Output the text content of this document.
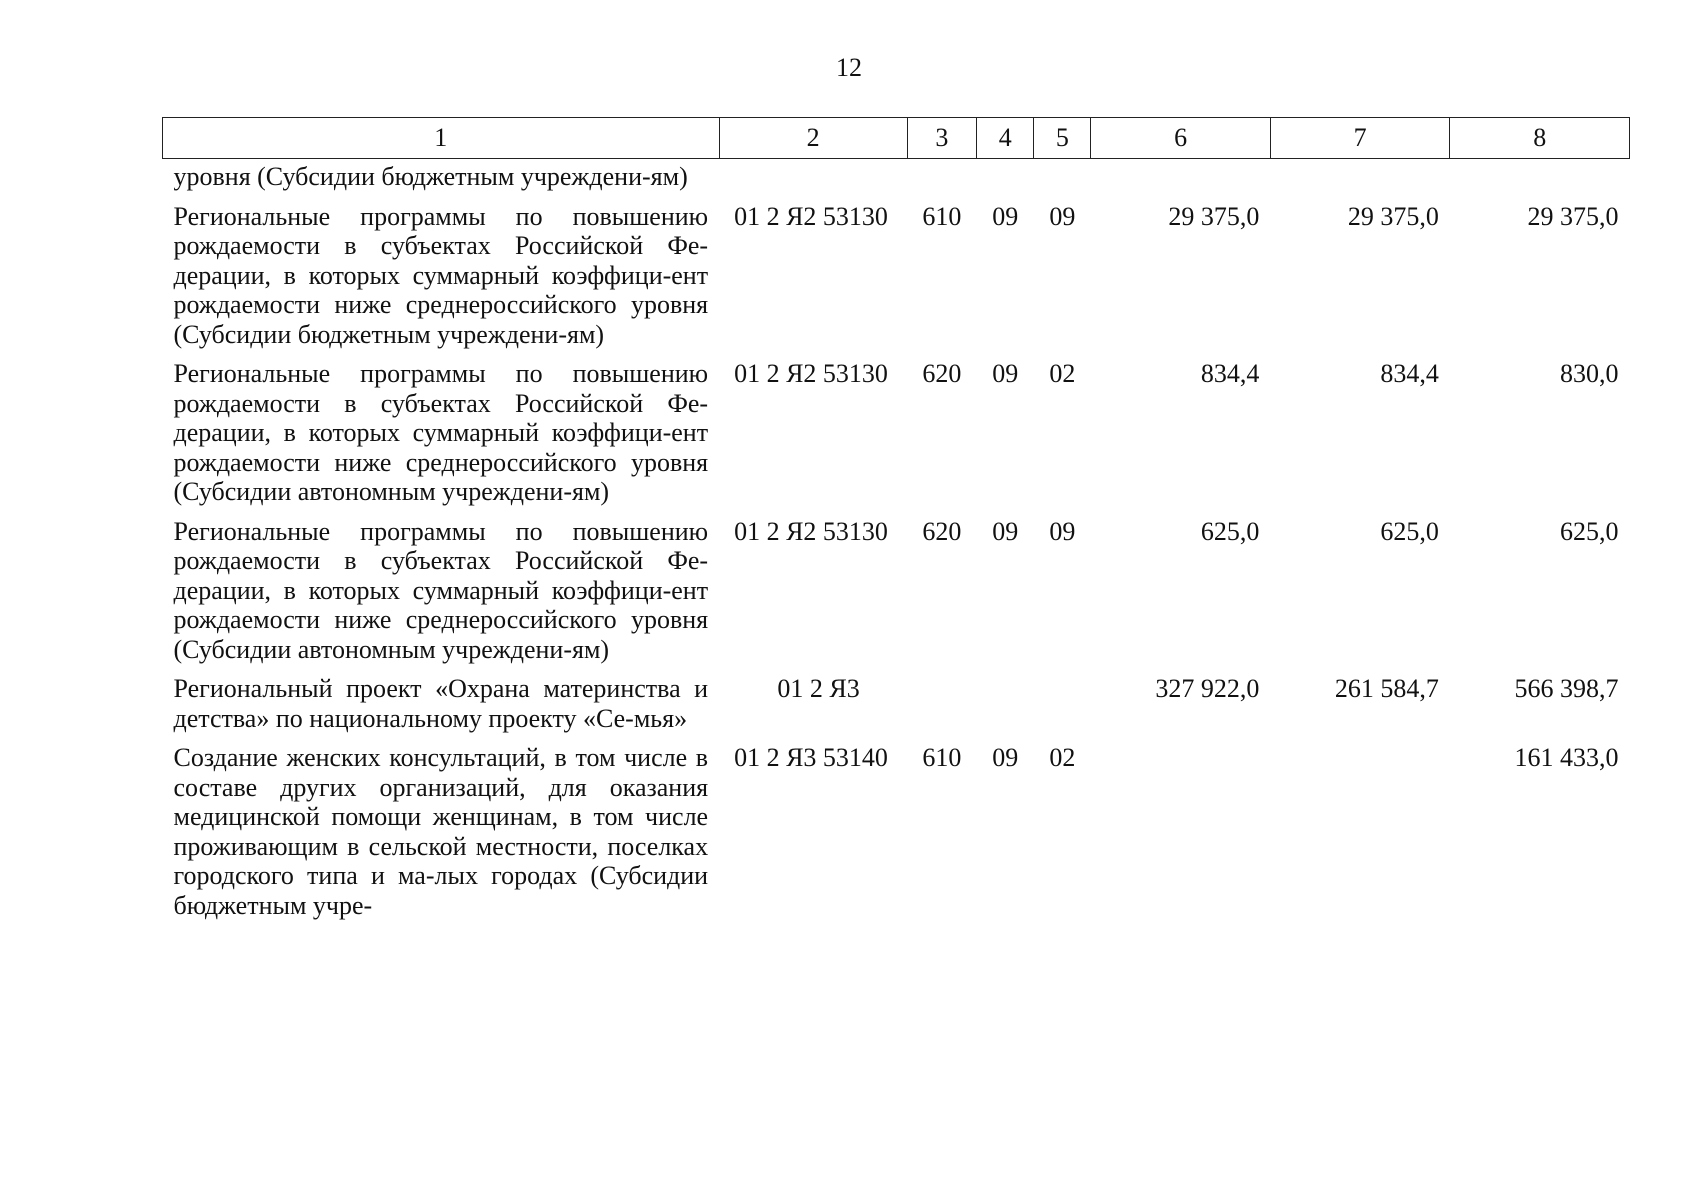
12
1	2	3	4	5	6	7	8
уровня (Субсидии бюджетным учреждени-ям)							
Региональные программы по повышению рождаемости в субъектах Российской Фе-дерации, в которых суммарный коэффици-ент рождаемости ниже среднероссийского уровня (Субсидии бюджетным учреждени-ям)	01 2 Я2 53130	610	09	09	29 375,0	29 375,0	29 375,0
Региональные программы по повышению рождаемости в субъектах Российской Фе-дерации, в которых суммарный коэффици-ент рождаемости ниже среднероссийского уровня (Субсидии автономным учреждени-ям)	01 2 Я2 53130	620	09	02	834,4	834,4	830,0
Региональные программы по повышению рождаемости в субъектах Российской Фе-дерации, в которых суммарный коэффици-ент рождаемости ниже среднероссийского уровня (Субсидии автономным учреждени-ям)	01 2 Я2 53130	620	09	09	625,0	625,0	625,0
Региональный проект «Охрана материнства и детства» по национальному проекту «Се-мья»	01 2 Я3				327 922,0	261 584,7	566 398,7
Создание женских консультаций, в том числе в составе других организаций, для оказания медицинской помощи женщинам, в том числе проживающим в сельской местности, поселках городского типа и ма-лых городах (Субсидии бюджетным учре-	01 2 Я3 53140	610	09	02			161 433,0
